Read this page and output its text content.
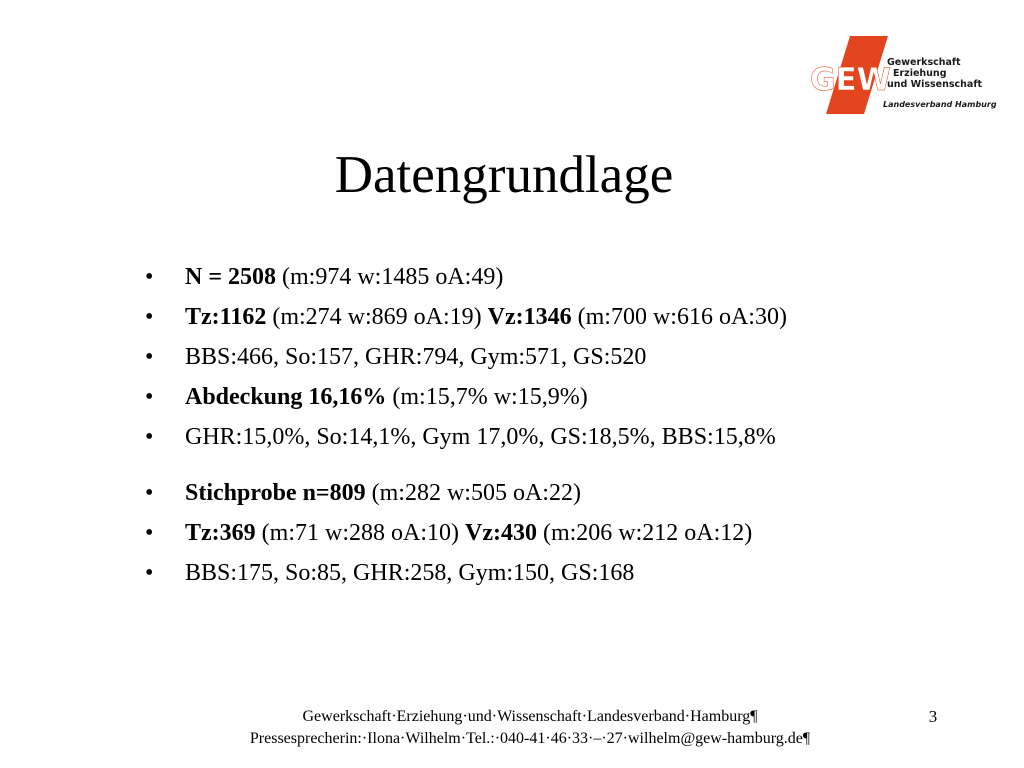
GEW
Gewerkschaft
Erziehung
und Wissenschaft
Landesverband Hamburg
Datengrundlage
• N = 2508 (m:974 w:1485 oA:49)
• Tz:1162 (m:274 w:869 oA:19) Vz:1346 (m:700 w:616 oA:30)
• BBS:466, So:157, GHR:794, Gym:571, GS:520
• Abdeckung 16,16% (m:15,7% w:15,9%)
• GHR:15,0%, So:14,1%, Gym 17,0%, GS:18,5%, BBS:15,8%
• Stichprobe n=809 (m:282 w:505 oA:22)
• Tz:369 (m:71 w:288 oA:10) Vz:430 (m:206 w:212 oA:12)
• BBS:175, So:85, GHR:258, Gym:150, GS:168
Gewerkschaft·Erziehung·und·Wissenschaft·Landesverband·Hamburg¶
Pressesprecherin:·Ilona·Wilhelm·Tel.:·040-41·46·33·–·27·wilhelm@gew-hamburg.de¶
3
